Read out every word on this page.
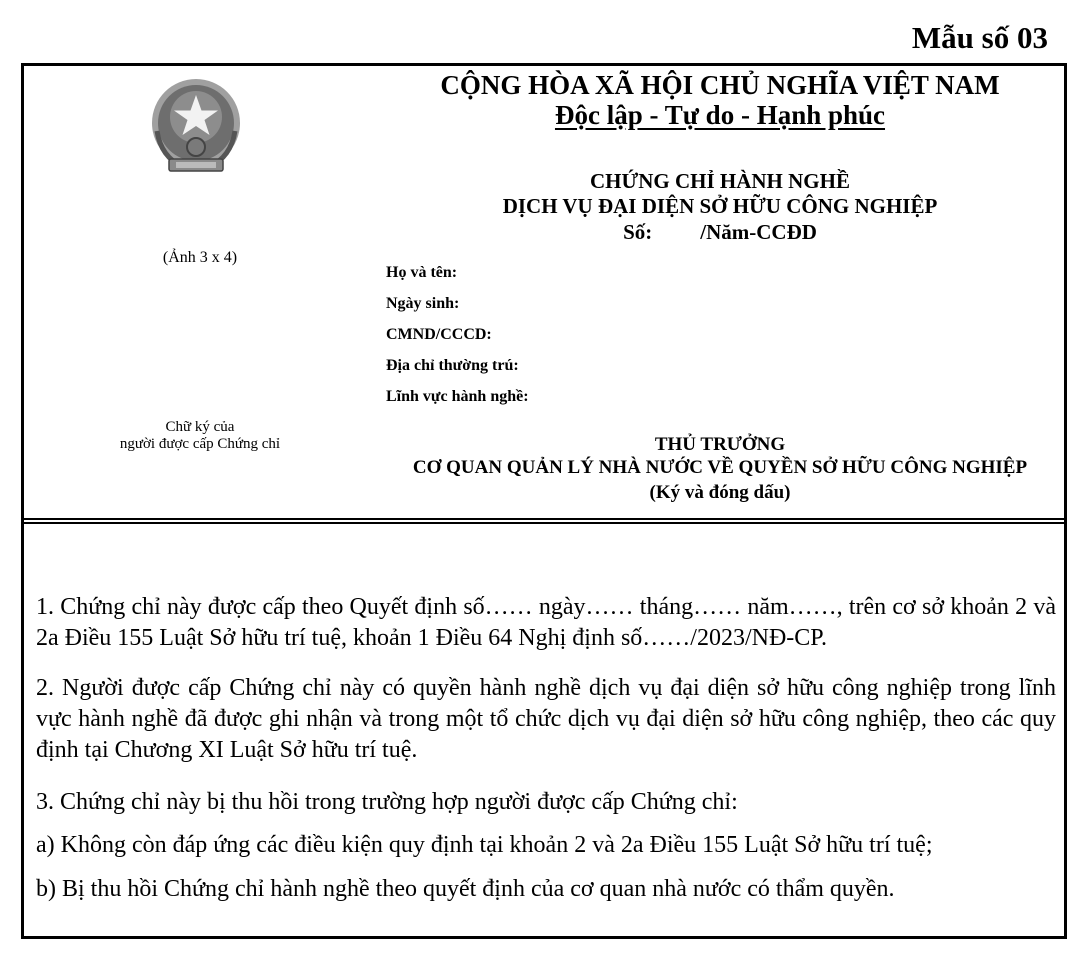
Mẫu số 03
CỘNG HÒA XÃ HỘI CHỦ NGHĨA VIỆT NAM
Độc lập - Tự do - Hạnh phúc
CHỨNG CHỈ HÀNH NGHỀ
DỊCH VỤ ĐẠI DIỆN SỞ HỮU CÔNG NGHIỆP
Số: /Năm-CCĐD
(Ảnh 3 x 4)
Họ và tên:
Ngày sinh:
CMND/CCCD:
Địa chỉ thường trú:
Lĩnh vực hành nghề:
Chữ ký của
người được cấp Chứng chỉ	THỦ TRƯỞNG
CƠ QUAN QUẢN LÝ NHÀ NƯỚC VỀ QUYỀN SỞ HỮU CÔNG NGHIỆP
(Ký và đóng dấu)
1. Chứng chỉ này được cấp theo Quyết định số…… ngày…… tháng…… năm……, trên cơ sở khoản 2 và 2a Điều 155 Luật Sở hữu trí tuệ, khoản 1 Điều 64 Nghị định số……/2023/NĐ-CP.
2. Người được cấp Chứng chỉ này có quyền hành nghề dịch vụ đại diện sở hữu công nghiệp trong lĩnh vực hành nghề đã được ghi nhận và trong một tổ chức dịch vụ đại diện sở hữu công nghiệp, theo các quy định tại Chương XI Luật Sở hữu trí tuệ.
3. Chứng chỉ này bị thu hồi trong trường hợp người được cấp Chứng chỉ:
a) Không còn đáp ứng các điều kiện quy định tại khoản 2 và 2a Điều 155 Luật Sở hữu trí tuệ;
b) Bị thu hồi Chứng chỉ hành nghề theo quyết định của cơ quan nhà nước có thẩm quyền.
